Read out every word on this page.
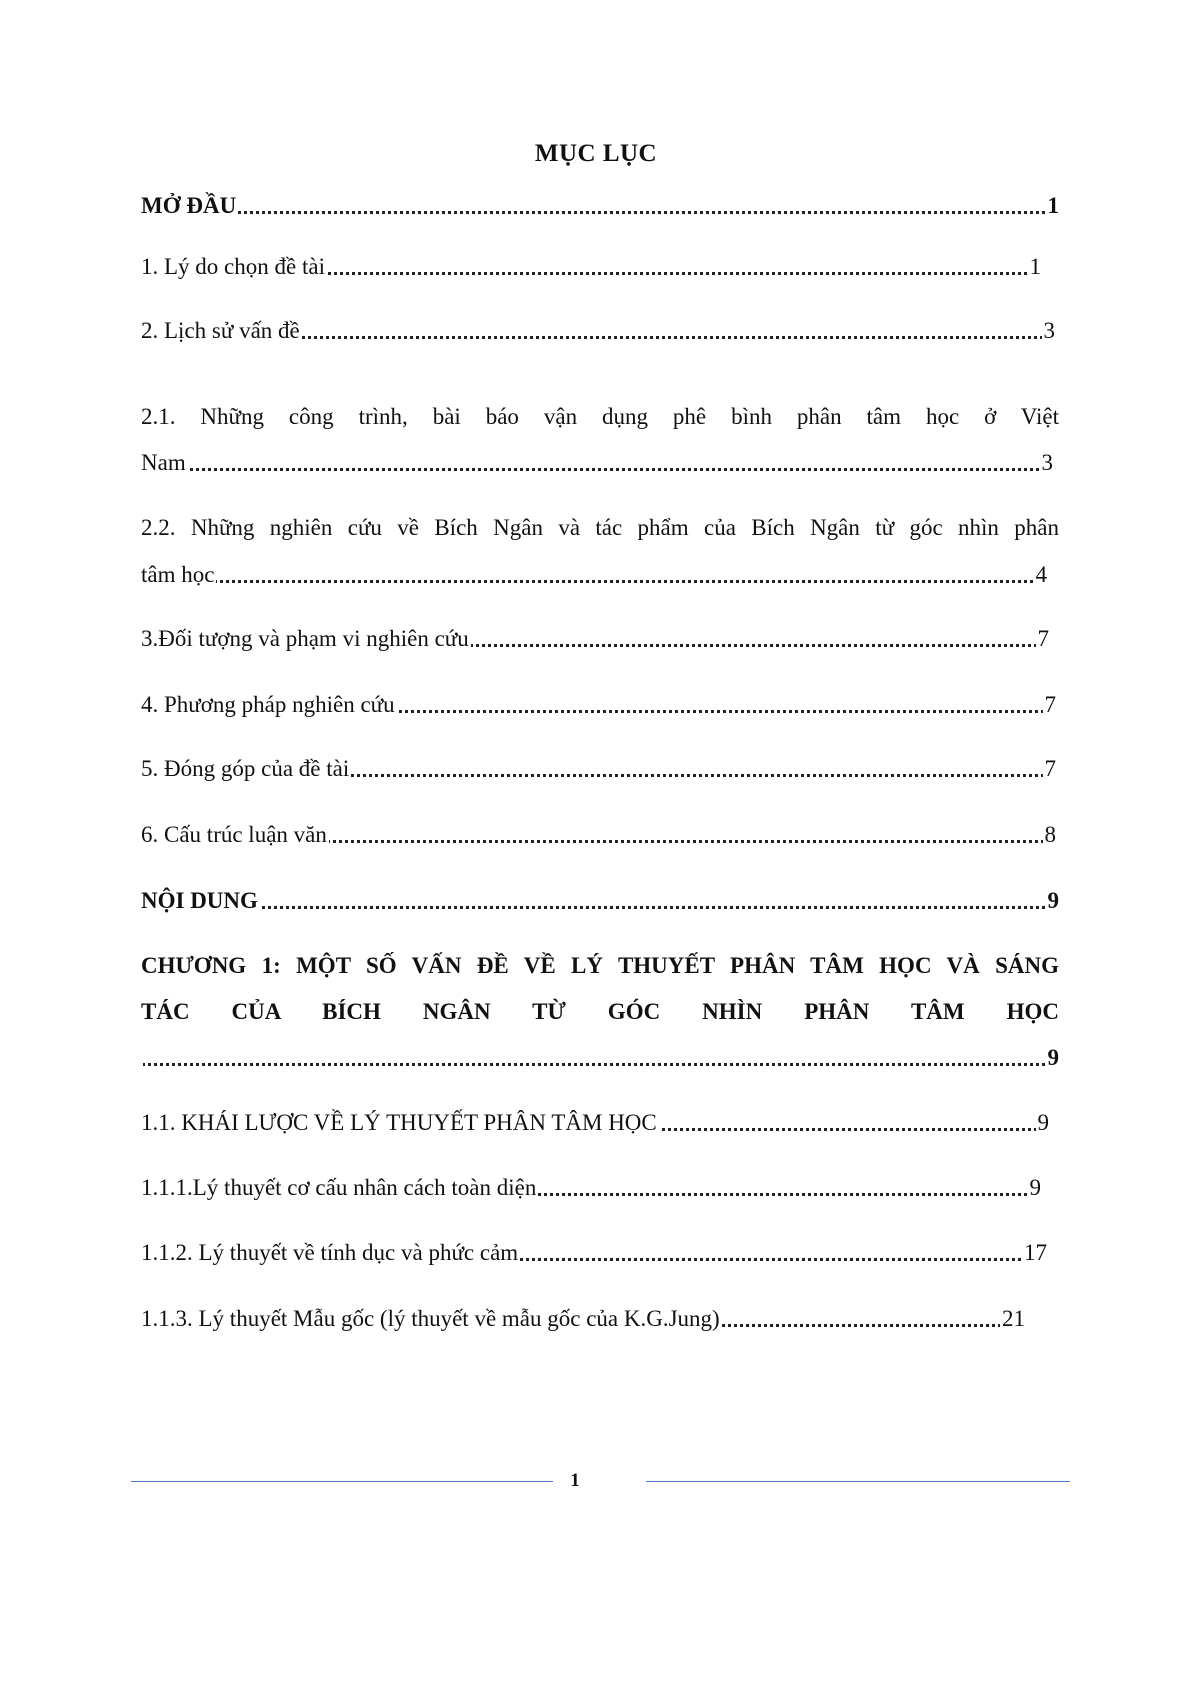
MỤC LỤC
1
MỞ ĐẦU
1
1. Lý do chọn đề tài
3
2. Lịch sử vấn đề
2.1. Những công trình, bài báo vận dụng phê bình phân tâm học ở Việt
3
Nam
2.2. Những nghiên cứu về Bích Ngân và tác phẩm của Bích Ngân từ góc nhìn phân
4
tâm học
7
3.Đối tượng và phạm vi nghiên cứu
7
4. Phương pháp nghiên cứu
7
5. Đóng góp của đề tài
8
6. Cấu trúc luận văn
9
NỘI DUNG
CHƯƠNG 1: MỘT SỐ VẤN ĐỀ VỀ LÝ THUYẾT PHÂN TÂM HỌC VÀ SÁNG
TÁC CỦA BÍCH NGÂN TỪ GÓC NHÌN PHÂN TÂM HỌC
9
9
1.1. KHÁI LƯỢC VỀ LÝ THUYẾT PHÂN TÂM HỌC
9
1.1.1.Lý thuyết cơ cấu nhân cách toàn diện
17
1.1.2. Lý thuyết về tính dục và phức cảm
21
1.1.3. Lý thuyết Mẫu gốc (lý thuyết về mẫu gốc của K.G.Jung)
1
